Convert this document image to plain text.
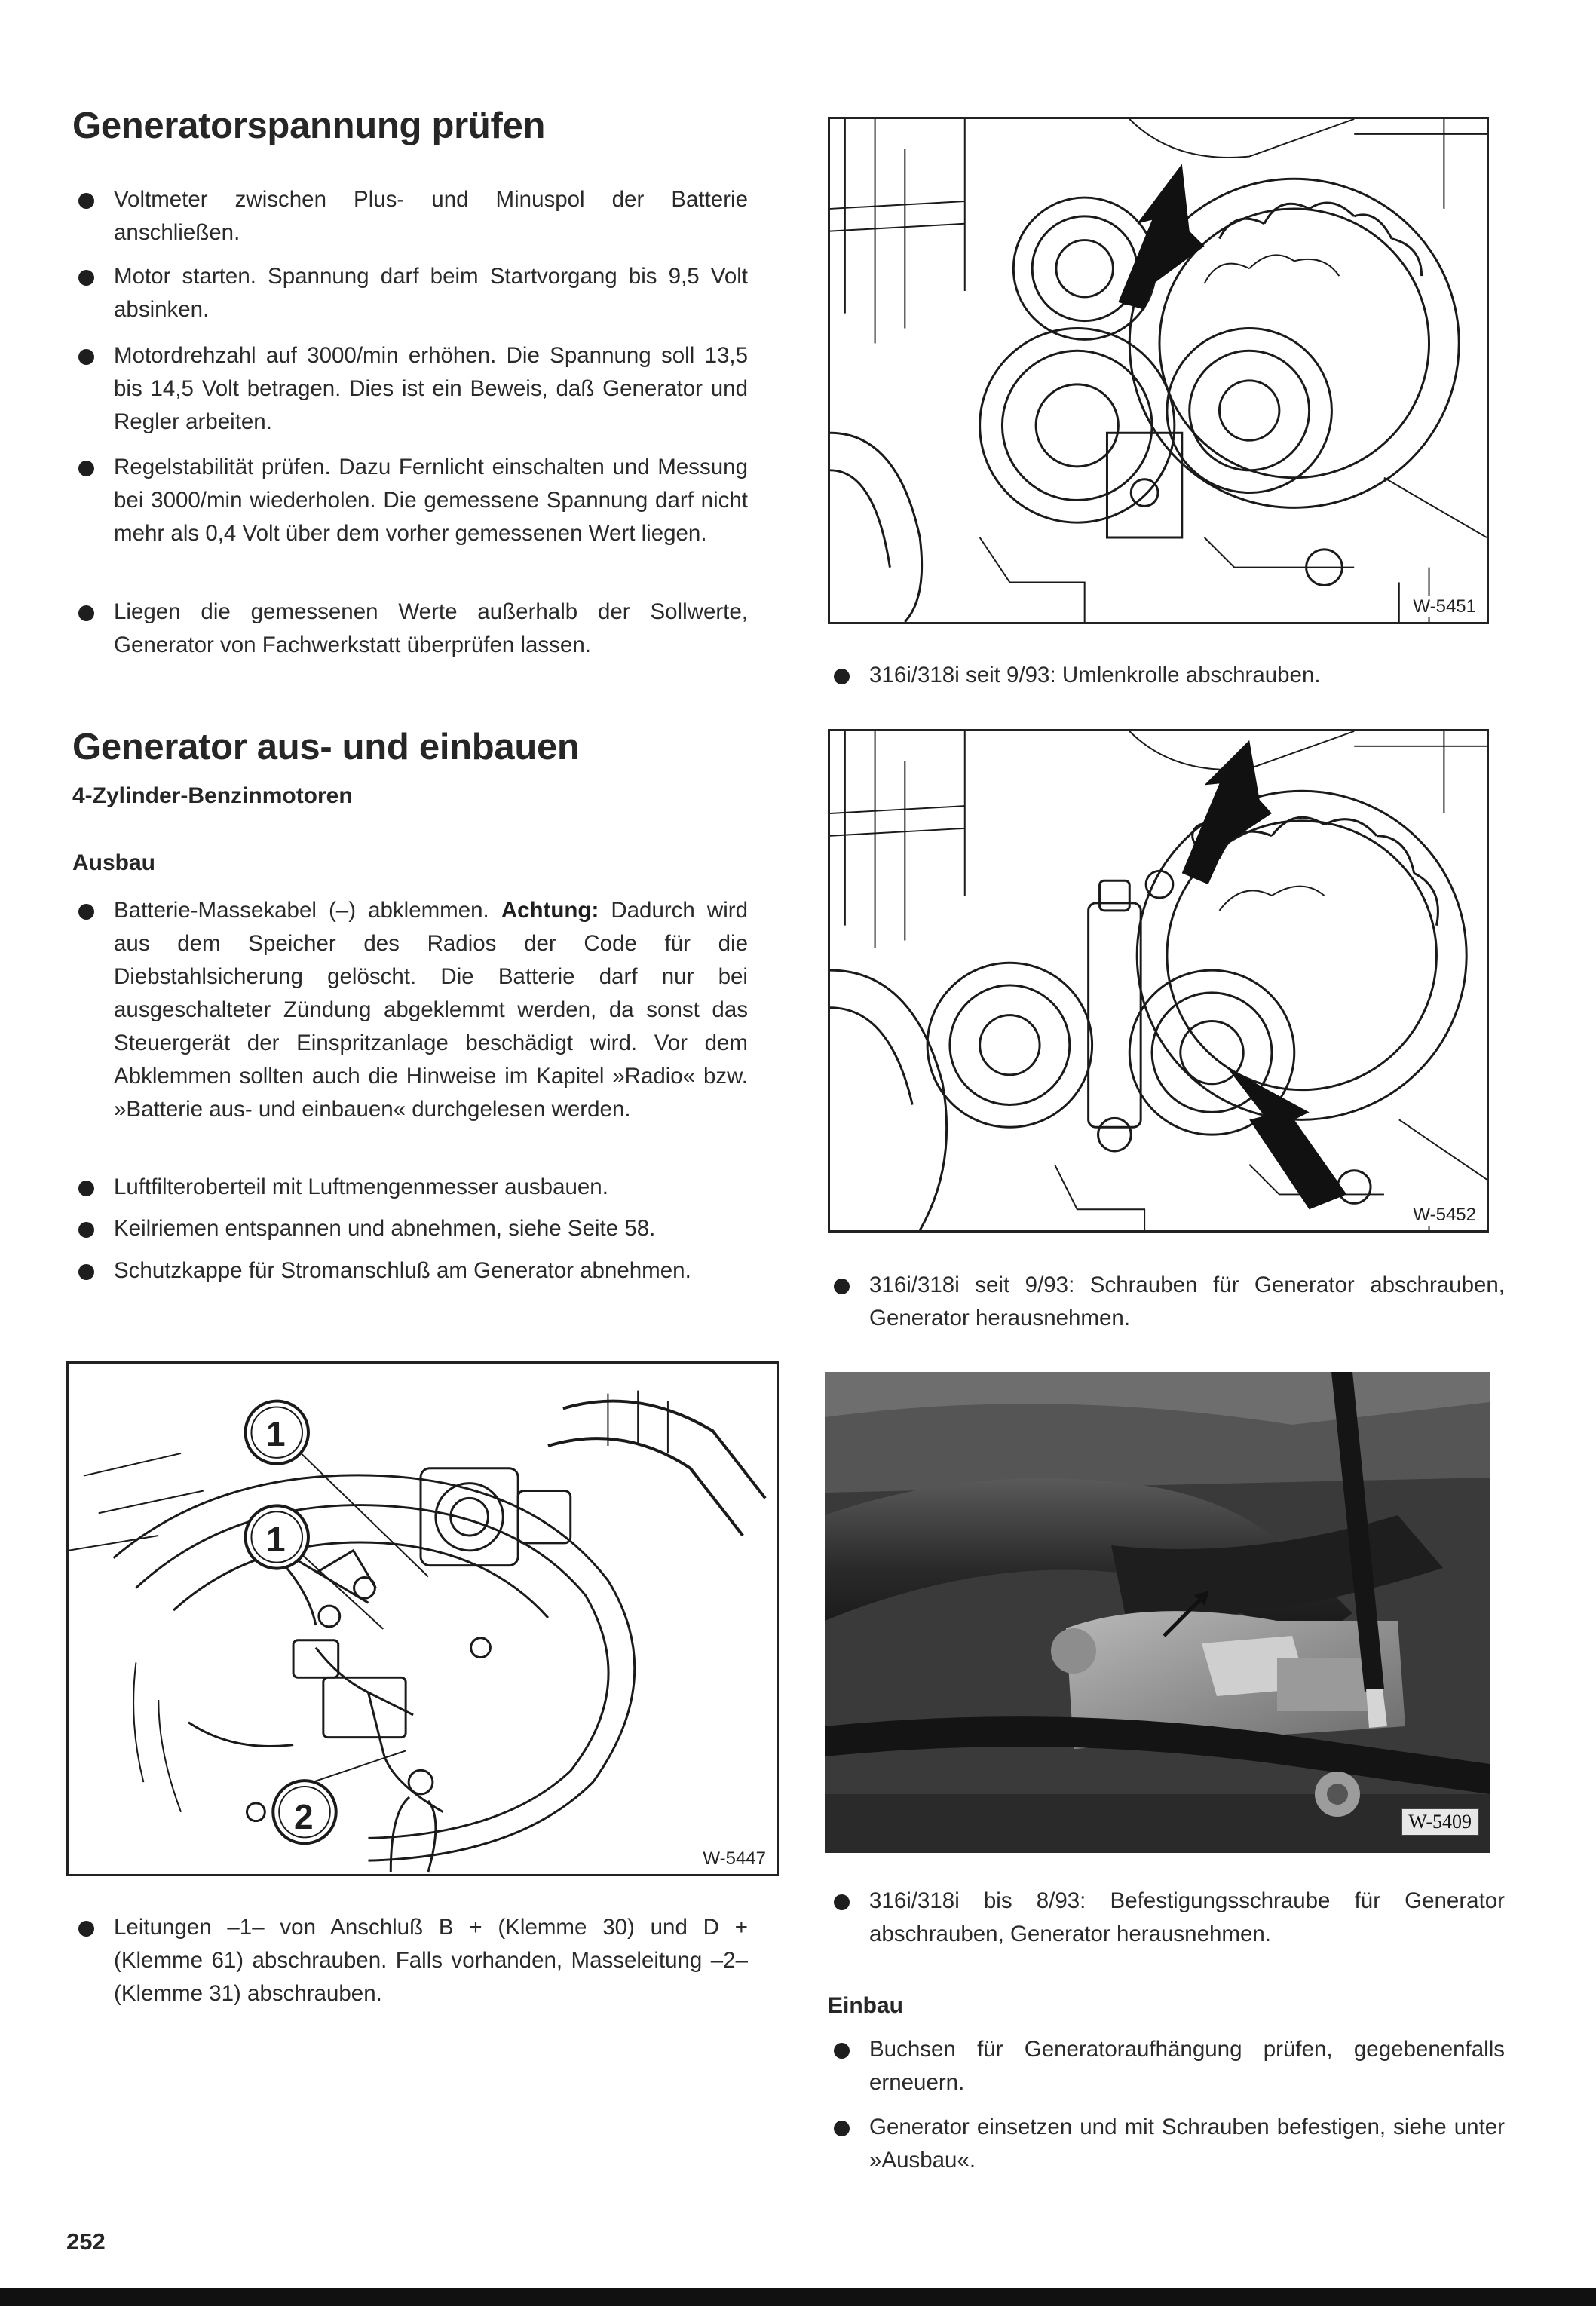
Generatorspannung prüfen
Voltmeter zwischen Plus- und Minuspol der Batterie anschließen.
Motor starten. Spannung darf beim Startvorgang bis 9,5 Volt absinken.
Motordrehzahl auf 3000/min erhöhen. Die Spannung soll 13,5 bis 14,5 Volt betragen. Dies ist ein Beweis, daß Generator und Regler arbeiten.
Regelstabilität prüfen. Dazu Fernlicht einschalten und Messung bei 3000/min wiederholen. Die gemessene Spannung darf nicht mehr als 0,4 Volt über dem vorher gemessenen Wert liegen.
Liegen die gemessenen Werte außerhalb der Sollwerte, Generator von Fachwerkstatt überprüfen lassen.
Generator aus- und einbauen
4-Zylinder-Benzinmotoren
Ausbau
Batterie-Massekabel (–) abklemmen. Achtung: Dadurch wird aus dem Speicher des Radios der Code für die Diebstahlsicherung gelöscht. Die Batterie darf nur bei ausgeschalteter Zündung abgeklemmt werden, da sonst das Steuergerät der Einspritzanlage beschädigt wird. Vor dem Abklemmen sollten auch die Hinweise im Kapitel »Radio« bzw. »Batterie aus- und einbauen« durchgelesen werden.
Luftfilteroberteil mit Luftmengenmesser ausbauen.
Keilriemen entspannen und abnehmen, siehe Seite 58.
Schutzkappe für Stromanschluß am Generator abnehmen.
1
1
2
W-5447
Leitungen –1– von Anschluß B + (Klemme 30) und D + (Klemme 61) abschrauben. Falls vorhanden, Masseleitung –2– (Klemme 31) abschrauben.
W-5451
316i/318i seit 9/93: Umlenkrolle abschrauben.
W-5452
316i/318i seit 9/93: Schrauben für Generator abschrauben, Generator herausnehmen.
W-5409
316i/318i bis 8/93: Befestigungsschraube für Generator abschrauben, Generator herausnehmen.
Einbau
Buchsen für Generatoraufhängung prüfen, gegebenenfalls erneuern.
Generator einsetzen und mit Schrauben befestigen, siehe unter »Ausbau«.
252
